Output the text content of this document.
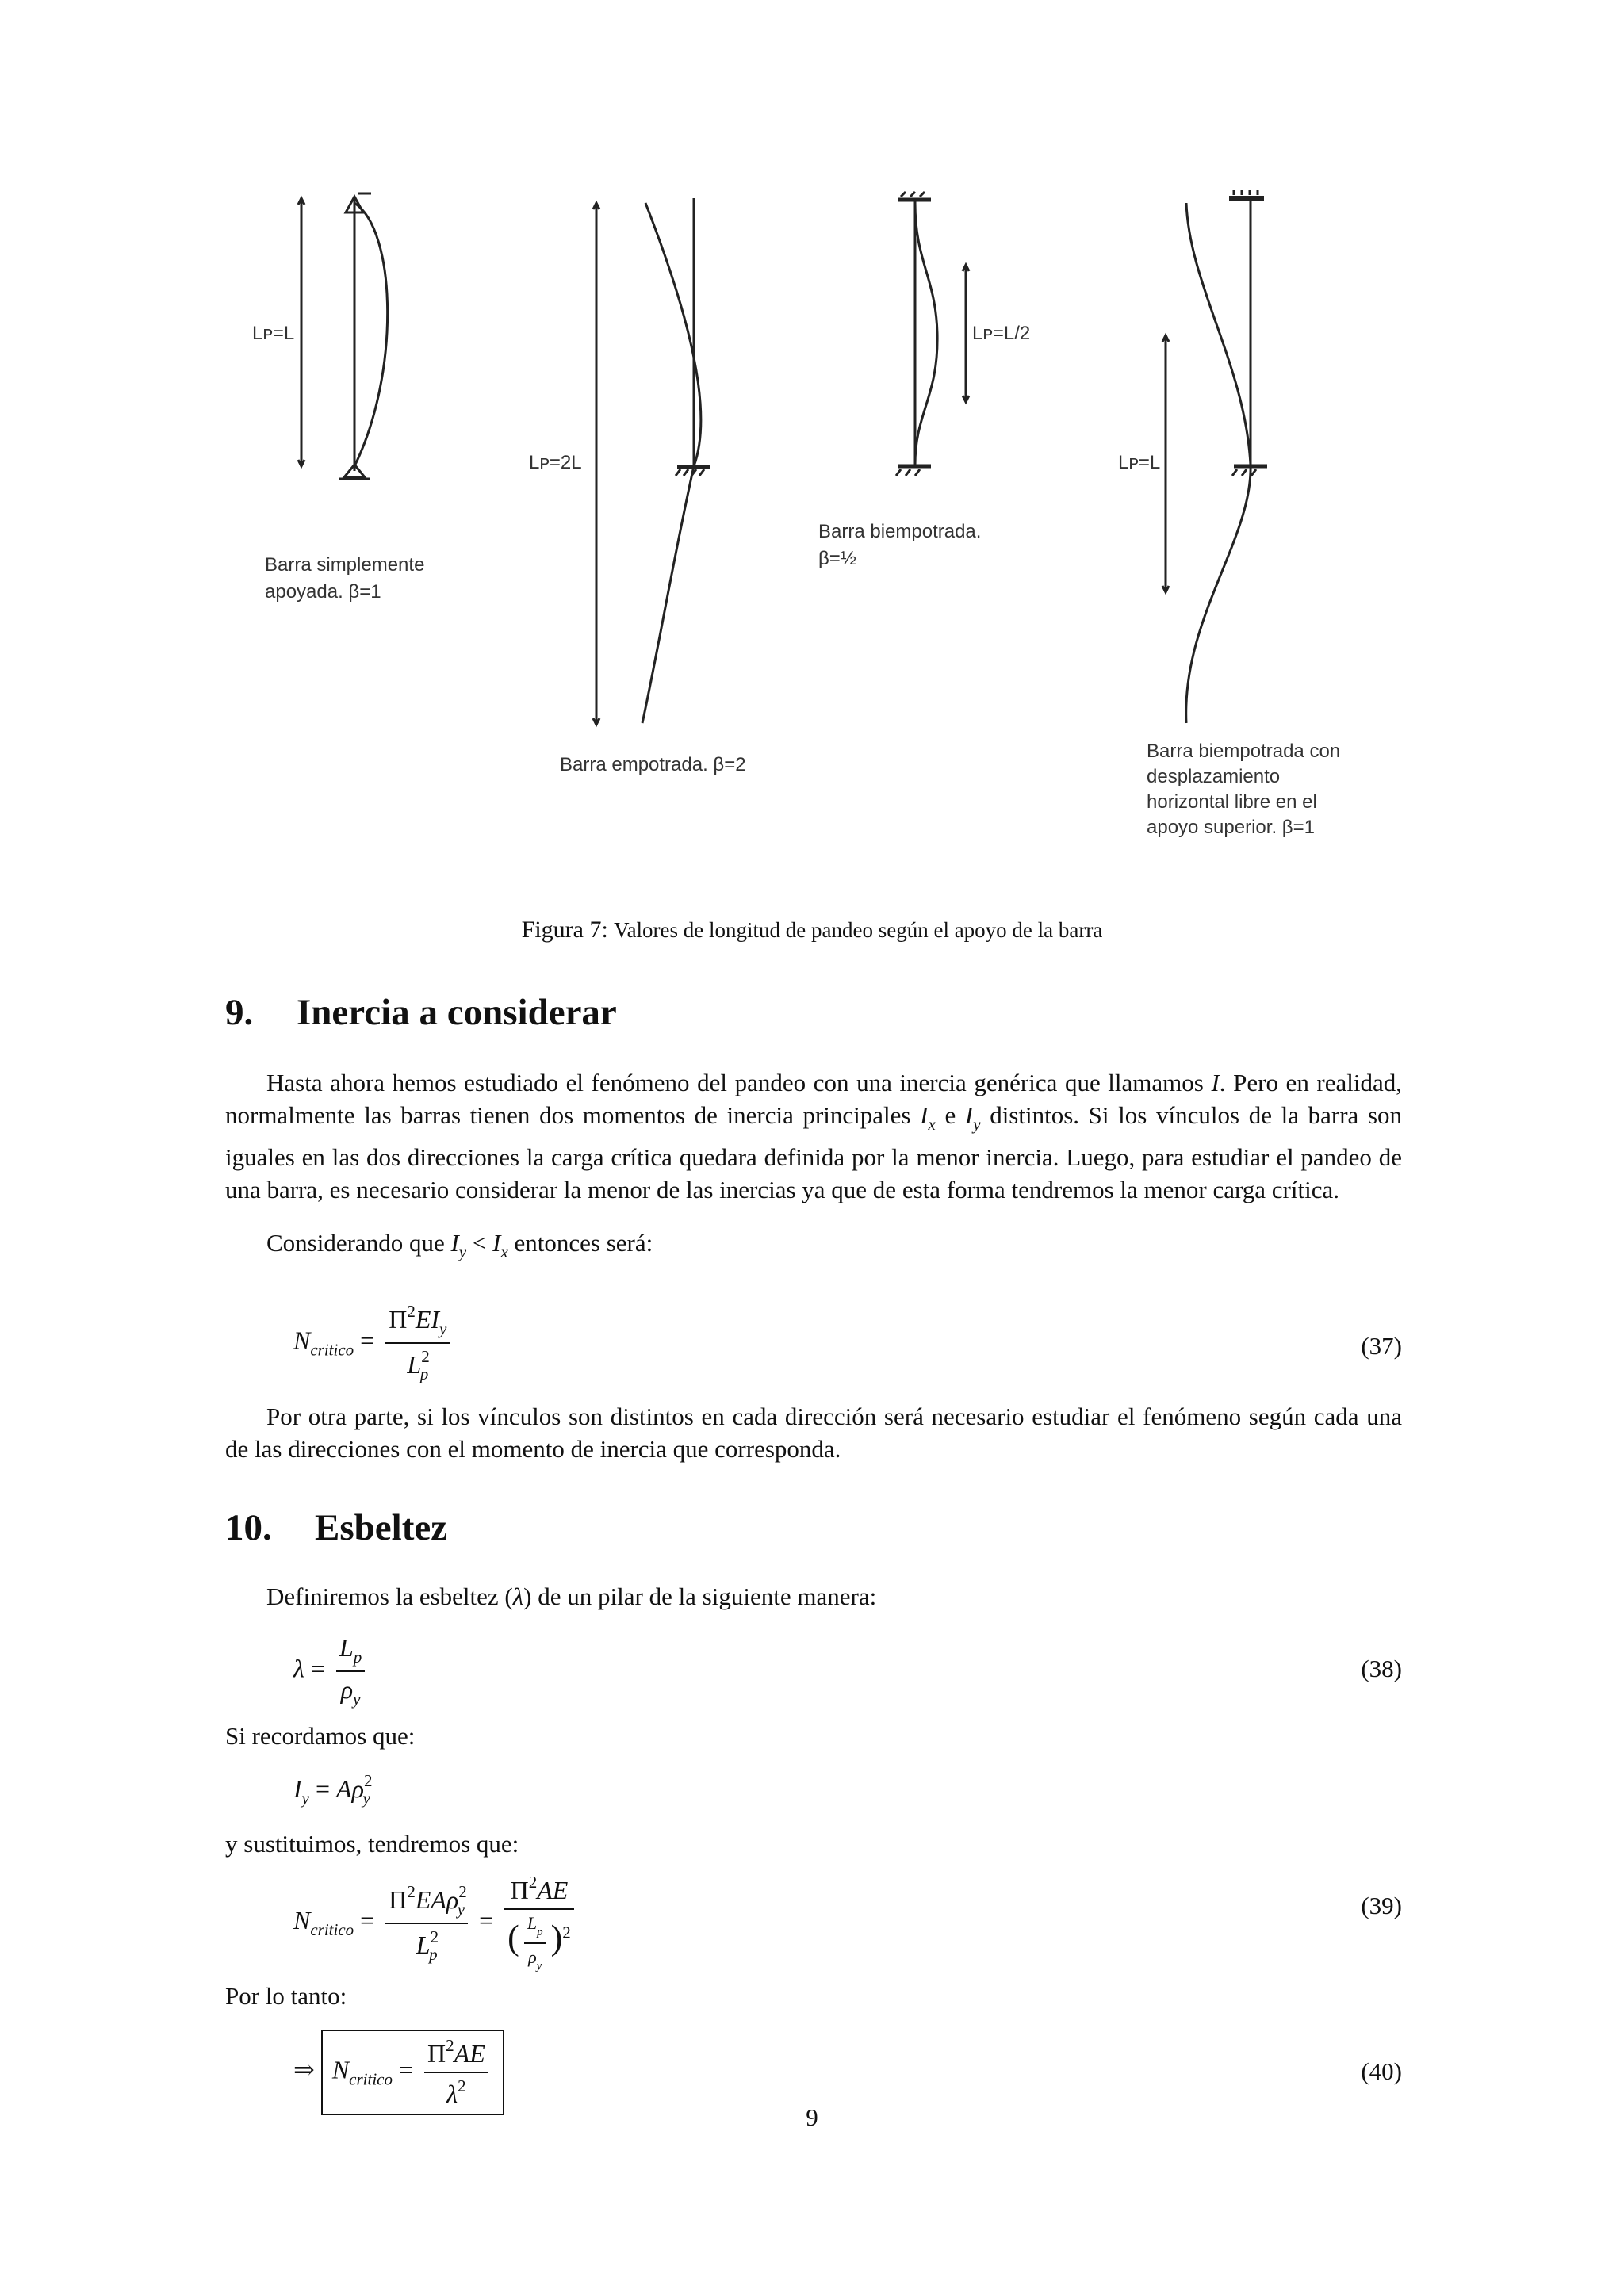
Lᴘ=L
Lᴘ=2L
Lᴘ=L/2
Lᴘ=L
Barra simplemente
apoyada. β=1
Barra empotrada. β=2
Barra biempotrada.
β=½
Barra biempotrada con
desplazamiento
horizontal libre en el
apoyo superior. β=1
Figura 7: Valores de longitud de pandeo según el apoyo de la barra
9. Inercia a considerar

Hasta ahora hemos estudiado el fenómeno del pandeo con una inercia genérica que llamamos I. Pero en realidad, normalmente las barras tienen dos momentos de inercia principales $I_x$ e $I_y$ distintos. Si los vínculos de la barra son iguales en las dos direcciones la carga crítica quedara definida por la menor inercia. Luego, para estudiar el pandeo de una barra, es necesario considerar la menor de las inercias ya que de esta forma tendremos la menor carga crítica.

Considerando que $I_y < I_x$ entonces será:

$N_{critico} = \frac{\Pi^2EI_y}{L^2_p}$	(37)

Por otra parte, si los vínculos son distintos en cada dirección será necesario estudiar el fenómeno según cada una de las direcciones con el momento de inercia que corresponda.

10. Esbeltez

Definiremos la esbeltez (λ) de un pilar de la siguiente manera:

$\lambda = \frac{L_p}{\rho_y}$	(38)

Si recordamos que:

$I_y = A\rho^2_y$

y sustituimos, tendremos que:

$N_{critico} = \frac{\Pi^2EA\rho^2_y}{L^2_p} = \frac{\Pi^2AE}{( \frac{L_p}{\rho_y} )^2}$	(39)

Por lo tanto:

⇒ $N_{critico} = \frac{\Pi^2AE}{\lambda^2}$	(40)
9
